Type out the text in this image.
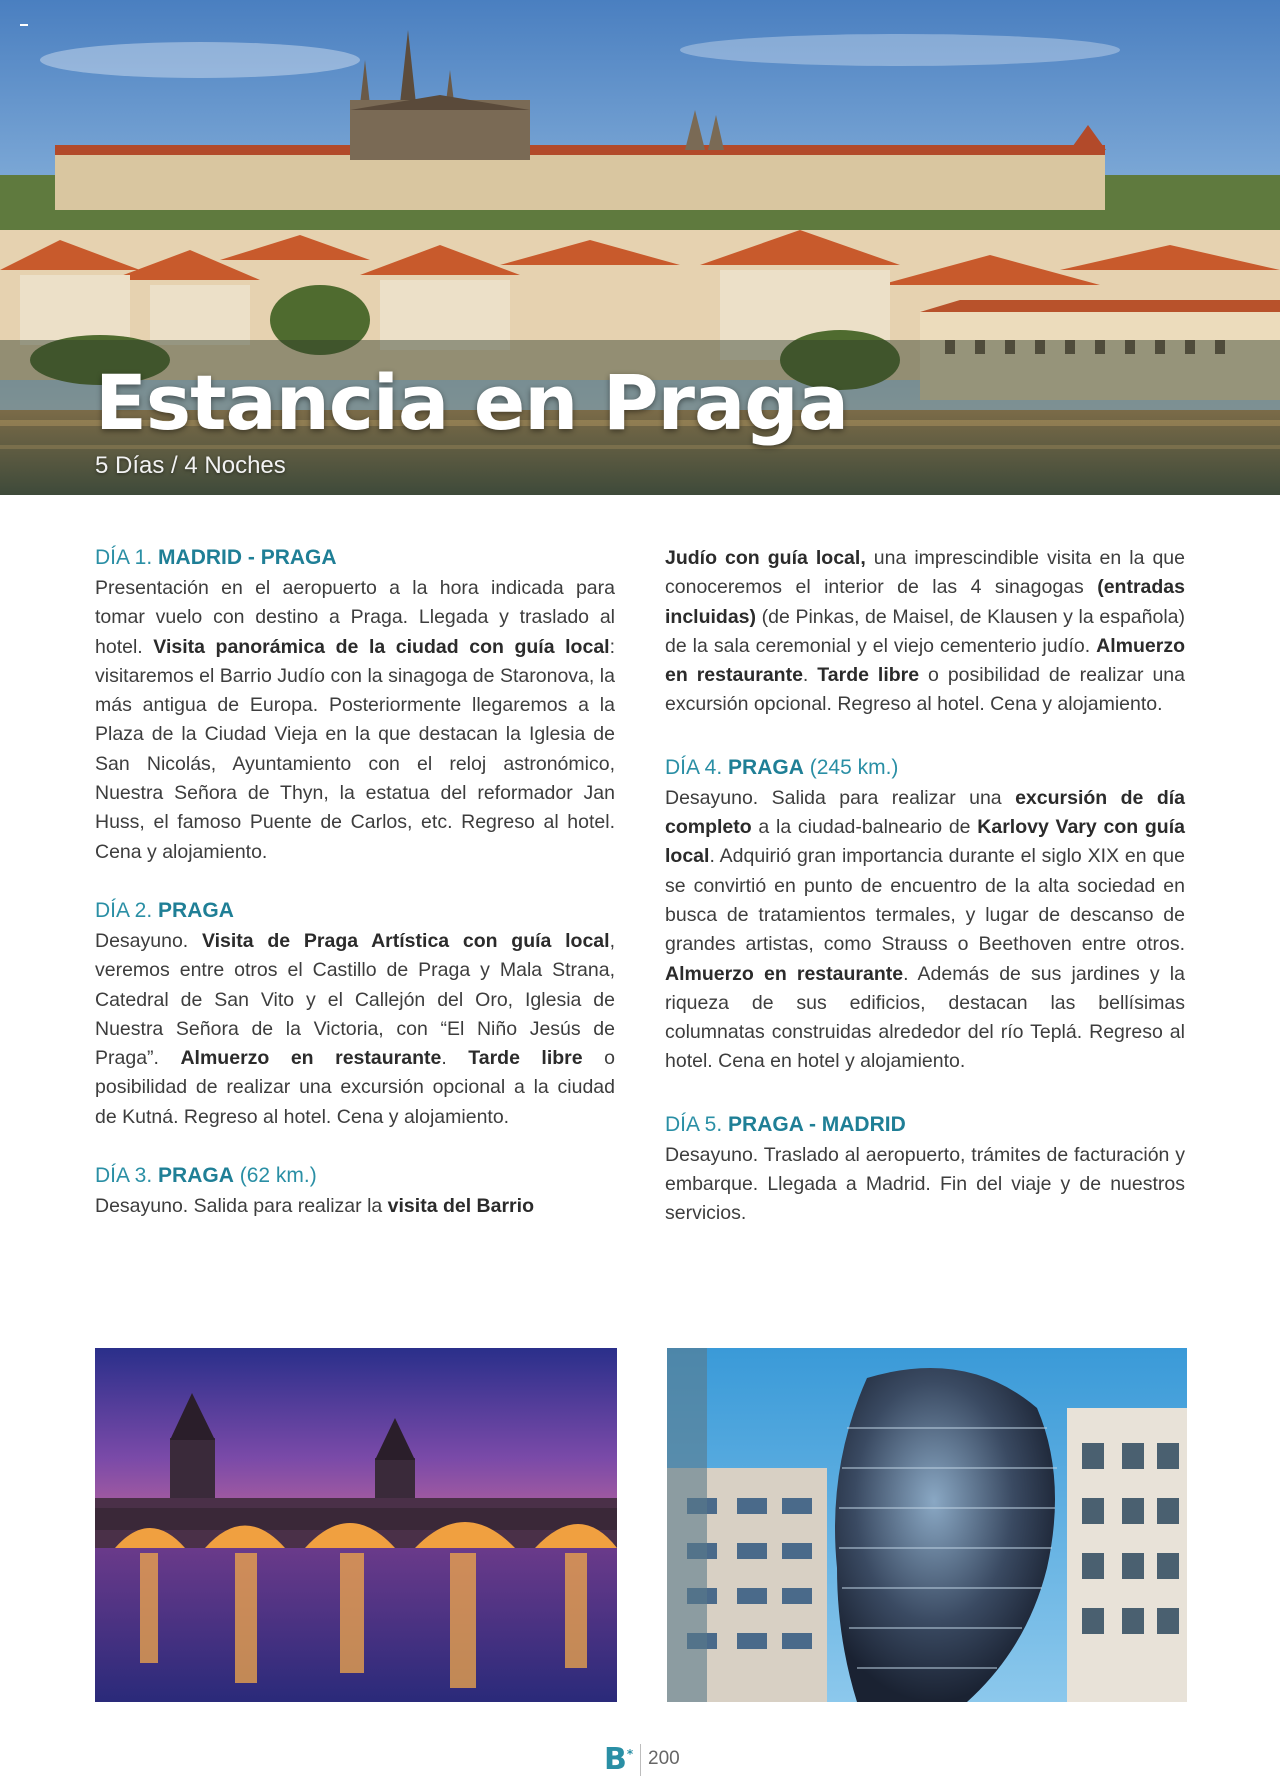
Estancia en Praga
5 Días / 4 Noches
DÍA 1. MADRID - PRAGA

Presentación en el aeropuerto a la hora indicada para tomar vuelo con destino a Praga. Llegada y traslado al hotel. Visita panorámica de la ciudad con guía local: visitaremos el Barrio Judío con la sinagoga de Staronova, la más antigua de Europa. Posteriormente llegaremos a la Plaza de la Ciudad Vieja en la que destacan la Iglesia de San Nicolás, Ayuntamiento con el reloj astronómico, Nuestra Señora de Thyn, la estatua del reformador Jan Huss, el famoso Puente de Carlos, etc. Regreso al hotel. Cena y alojamiento.

DÍA 2. PRAGA

Desayuno. Visita de Praga Artística con guía local, veremos entre otros el Castillo de Praga y Mala Strana, Catedral de San Vito y el Callejón del Oro, Iglesia de Nuestra Señora de la Victoria, con “El Niño Jesús de Praga”. Almuerzo en restaurante. Tarde libre o posibilidad de realizar una excursión opcional a la ciudad de Kutná. Regreso al hotel. Cena y alojamiento.

DÍA 3. PRAGA (62 km.)

Desayuno. Salida para realizar la visita del Barrio

Judío con guía local, una imprescindible visita en la que conoceremos el interior de las 4 sinagogas (entradas incluidas) (de Pinkas, de Maisel, de Klausen y la española) de la sala ceremonial y el viejo cementerio judío. Almuerzo en restaurante. Tarde libre o posibilidad de realizar una excursión opcional. Regreso al hotel. Cena y alojamiento.

DÍA 4. PRAGA (245 km.)

Desayuno. Salida para realizar una excursión de día completo a la ciudad-balneario de Karlovy Vary con guía local. Adquirió gran importancia durante el siglo XIX en que se convirtió en punto de encuentro de la alta sociedad en busca de tratamientos termales, y lugar de descanso de grandes artistas, como Strauss o Beethoven entre otros. Almuerzo en restaurante. Además de sus jardines y la riqueza de sus edificios, destacan las bellísimas columnatas construidas alrededor del río Teplá. Regreso al hotel. Cena en hotel y alojamiento.

DÍA 5. PRAGA - MADRID

Desayuno. Traslado al aeropuerto, trámites de facturación y embarque. Llegada a Madrid. Fin del viaje y de nuestros servicios.

B* 200
